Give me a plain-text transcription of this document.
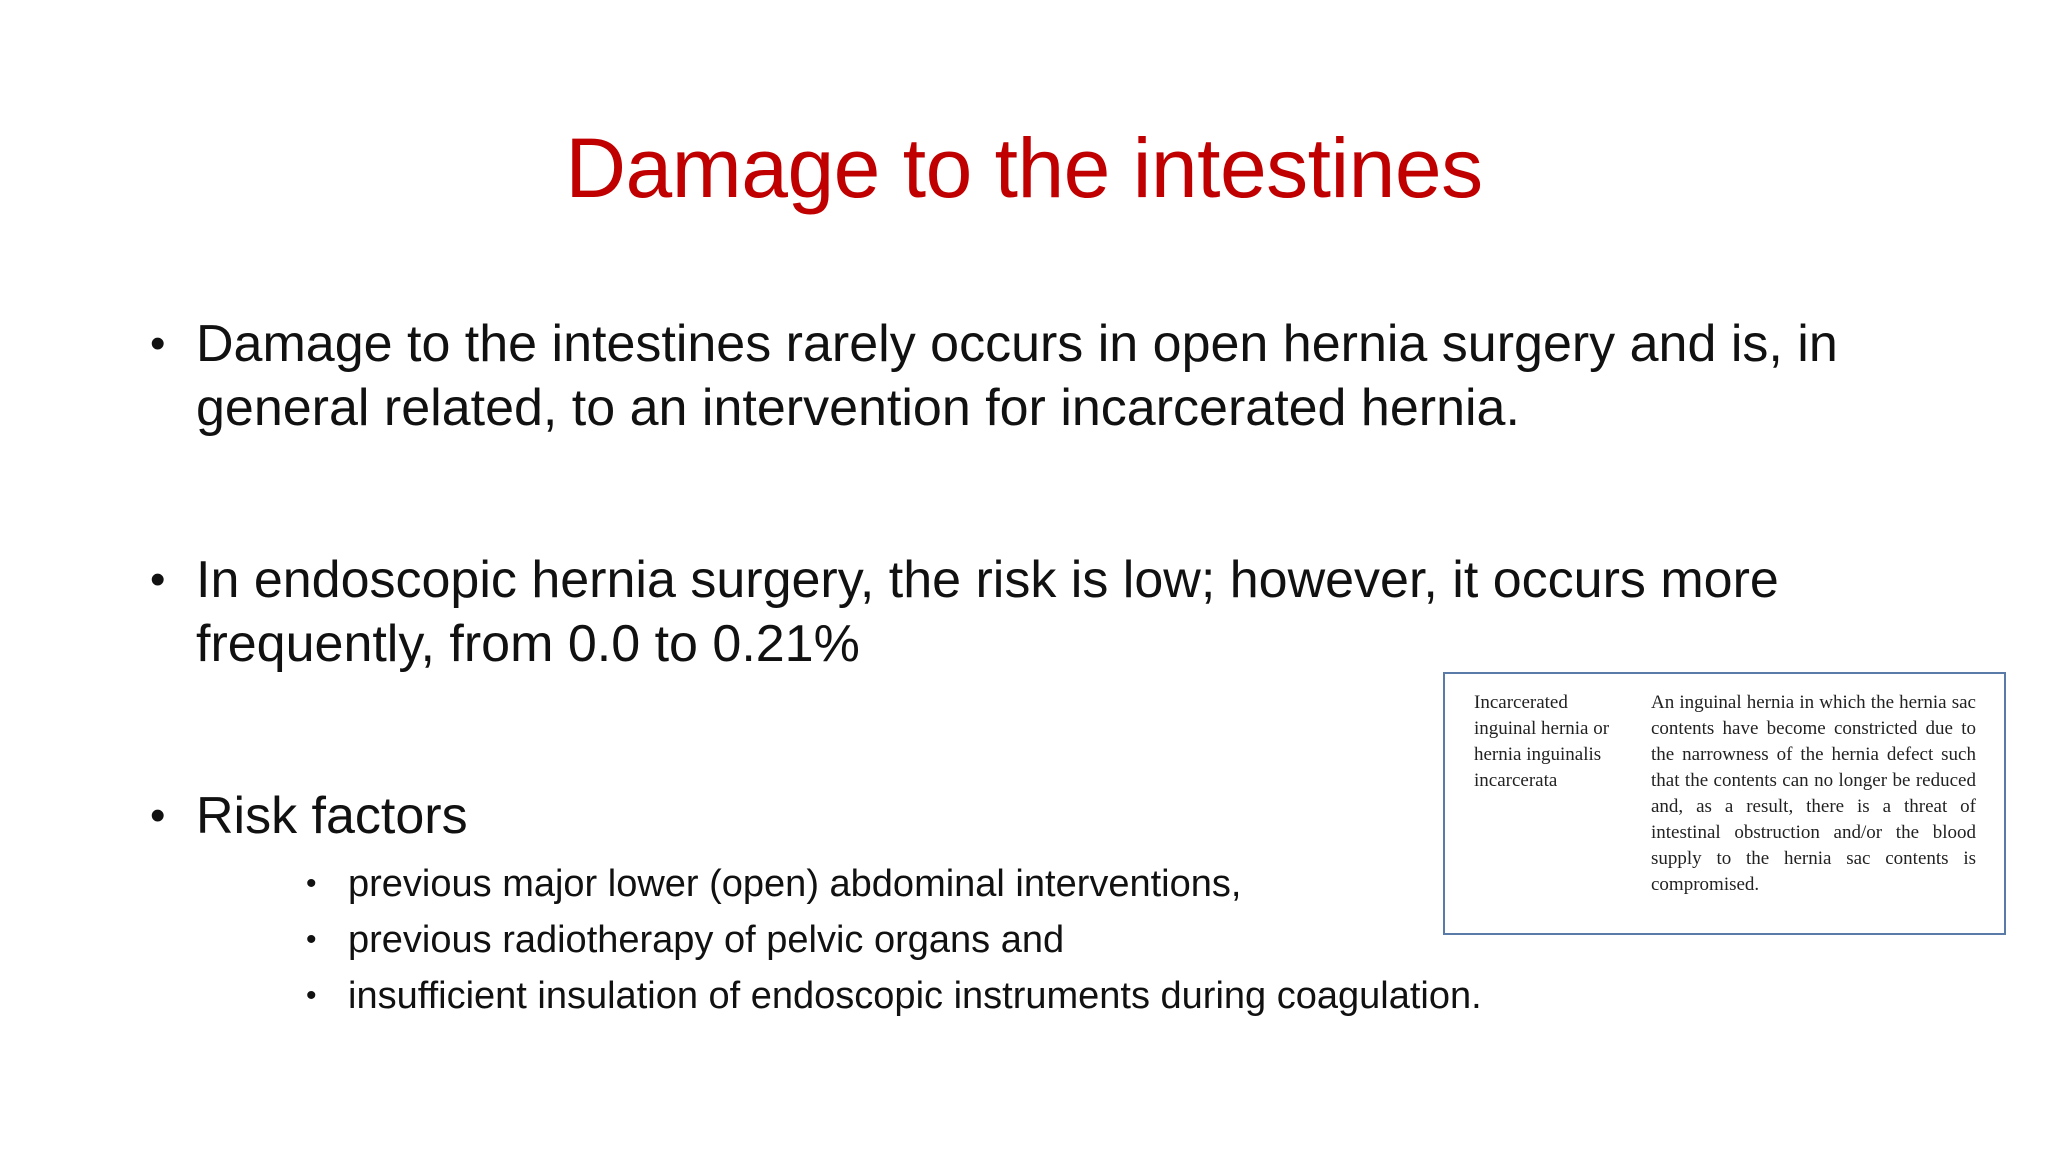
Damage to the intestines
• Damage to the intestines rarely occurs in open hernia surgery and is, in general related, to an intervention for incarcerated hernia.
• In endoscopic hernia surgery, the risk is low; however, it occurs more frequently, from 0.0 to 0.21%
• Risk factors
• previous major lower (open) abdominal interventions,
• previous radiotherapy of pelvic organs and
• insufficient insulation of endoscopic instruments during coagulation.
Incarcerated inguinal hernia or hernia inguinalis incarcerata
An inguinal hernia in which the hernia sac contents have become constricted due to the narrowness of the hernia defect such that the contents can no longer be reduced and, as a result, there is a threat of intestinal obstruction and/or the blood supply to the hernia sac contents is compromised.
